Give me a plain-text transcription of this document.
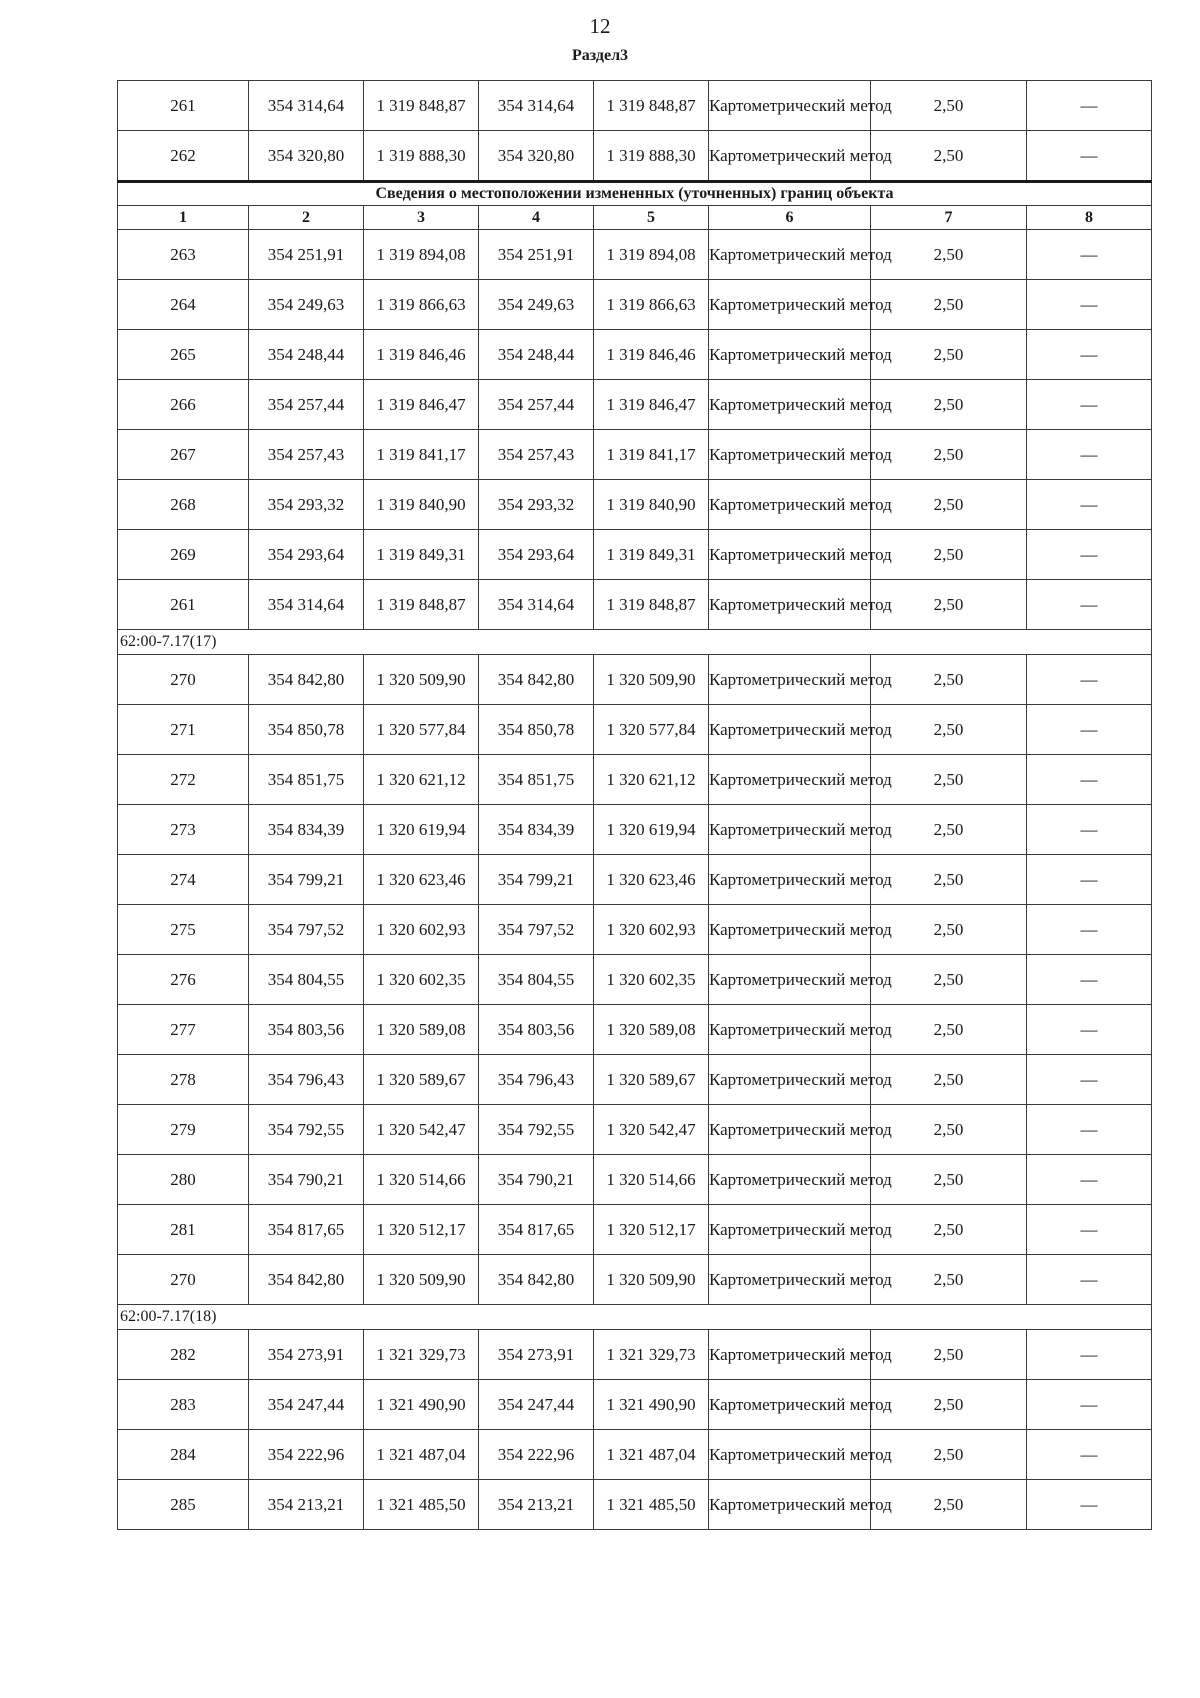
12
Раздел3
261	354 314,64	1 319 848,87	354 314,64	1 319 848,87	Картометрический метод	2,50	—
262	354 320,80	1 319 888,30	354 320,80	1 319 888,30	Картометрический метод	2,50	—
Сведения о местоположении измененных (уточненных) границ объекта							
1	2	3	4	5	6	7	8
263	354 251,91	1 319 894,08	354 251,91	1 319 894,08	Картометрический метод	2,50	—
264	354 249,63	1 319 866,63	354 249,63	1 319 866,63	Картометрический метод	2,50	—
265	354 248,44	1 319 846,46	354 248,44	1 319 846,46	Картометрический метод	2,50	—
266	354 257,44	1 319 846,47	354 257,44	1 319 846,47	Картометрический метод	2,50	—
267	354 257,43	1 319 841,17	354 257,43	1 319 841,17	Картометрический метод	2,50	—
268	354 293,32	1 319 840,90	354 293,32	1 319 840,90	Картометрический метод	2,50	—
269	354 293,64	1 319 849,31	354 293,64	1 319 849,31	Картометрический метод	2,50	—
261	354 314,64	1 319 848,87	354 314,64	1 319 848,87	Картометрический метод	2,50	—
62:00-7.17(17)							
270	354 842,80	1 320 509,90	354 842,80	1 320 509,90	Картометрический метод	2,50	—
271	354 850,78	1 320 577,84	354 850,78	1 320 577,84	Картометрический метод	2,50	—
272	354 851,75	1 320 621,12	354 851,75	1 320 621,12	Картометрический метод	2,50	—
273	354 834,39	1 320 619,94	354 834,39	1 320 619,94	Картометрический метод	2,50	—
274	354 799,21	1 320 623,46	354 799,21	1 320 623,46	Картометрический метод	2,50	—
275	354 797,52	1 320 602,93	354 797,52	1 320 602,93	Картометрический метод	2,50	—
276	354 804,55	1 320 602,35	354 804,55	1 320 602,35	Картометрический метод	2,50	—
277	354 803,56	1 320 589,08	354 803,56	1 320 589,08	Картометрический метод	2,50	—
278	354 796,43	1 320 589,67	354 796,43	1 320 589,67	Картометрический метод	2,50	—
279	354 792,55	1 320 542,47	354 792,55	1 320 542,47	Картометрический метод	2,50	—
280	354 790,21	1 320 514,66	354 790,21	1 320 514,66	Картометрический метод	2,50	—
281	354 817,65	1 320 512,17	354 817,65	1 320 512,17	Картометрический метод	2,50	—
270	354 842,80	1 320 509,90	354 842,80	1 320 509,90	Картометрический метод	2,50	—
62:00-7.17(18)							
282	354 273,91	1 321 329,73	354 273,91	1 321 329,73	Картометрический метод	2,50	—
283	354 247,44	1 321 490,90	354 247,44	1 321 490,90	Картометрический метод	2,50	—
284	354 222,96	1 321 487,04	354 222,96	1 321 487,04	Картометрический метод	2,50	—
285	354 213,21	1 321 485,50	354 213,21	1 321 485,50	Картометрический метод	2,50	—
